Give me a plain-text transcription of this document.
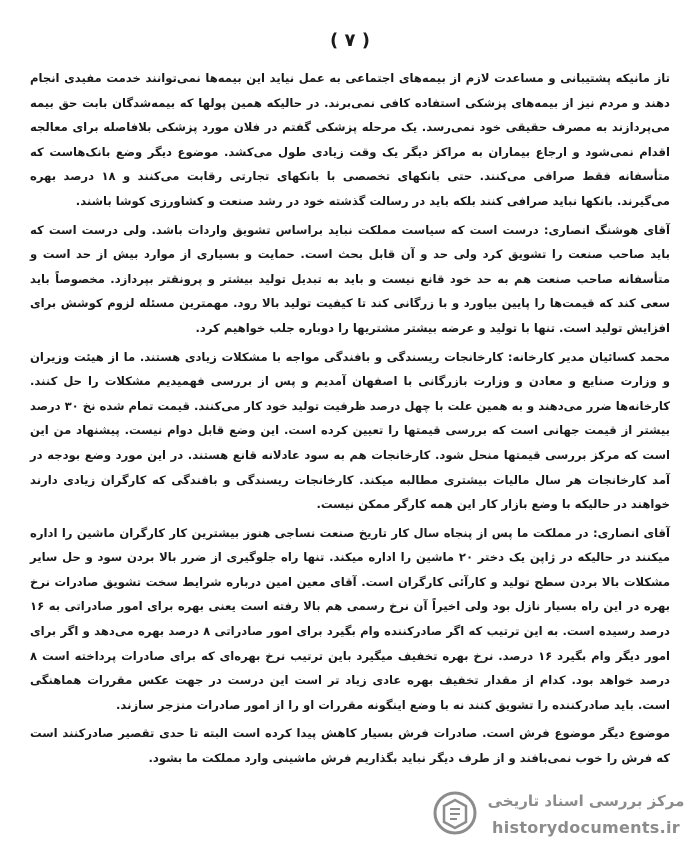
( ۷ )

تاز مانیکه پشتیبانی و مساعدت لازم از بیمه‌های اجتماعی به عمل نیاید این بیمه‌ها نمی‌توانند خدمت مفیدی انجام دهند و مردم نیز از بیمه‌های پزشکی استفاده کافی نمی‌برند. در حالیکه همین پولها که بیمه‌شدگان بابت حق بیمه می‌پردازند به مصرف حقیقی خود نمی‌رسد. یک مرحله پزشکی گفتم در فلان مورد پزشکی بلافاصله برای معالجه اقدام نمی‌شود و ارجاع بیماران به مراکز دیگر یک وقت زیادی طول می‌کشد. موضوع دیگر وضع بانک‌هاست که متأسفانه فقط صرافی می‌کنند. حتی بانکهای تخصصی با بانکهای تجارتی رقابت می‌کنند و ۱۸ درصد بهره می‌گیرند. بانکها نباید صرافی کنند بلکه باید در رسالت گذشته خود در رشد صنعت و کشاورزی کوشا باشند.

آقای هوشنگ انصاری: درست است که سیاست مملکت نباید براساس تشویق واردات باشد. ولی درست است که باید صاحب صنعت را تشویق کرد ولی حد و آن قابل بحث است. حمایت و بسیاری از موارد بیش از حد است و متأسفانه صاحب صنعت هم به حد خود قانع نیست و باید به تبدیل تولید بیشتر و پرونقتر بپردازد. مخصوصاً باید سعی کند که قیمت‌ها را پایین بیاورد و با زرگانی کند تا کیفیت تولید بالا رود. مهمترین مسئله لزوم کوشش برای افزایش تولید است. تنها با تولید و عرضه بیشتر مشتریها را دوباره جلب خواهیم کرد.

محمد کسائیان مدیر کارخانه: کارخانجات ریسندگی و بافندگی مواجه با مشکلات زیادی هستند. ما از هیئت وزیران و وزارت صنایع و معادن و وزارت بازرگانی با اصفهان آمدیم و پس از بررسی فهمیدیم مشکلات را حل کنند. کارخانه‌ها ضرر می‌دهند و به همین علت با چهل درصد ظرفیت تولید خود کار می‌کنند. قیمت تمام شده نخ ۳۰ درصد بیشتر از قیمت جهانی است که بررسی قیمتها را تعیین کرده است. این وضع قابل دوام نیست. پیشنهاد من این است که مرکز بررسی قیمتها منحل شود. کارخانجات هم به سود عادلانه قانع هستند. در این مورد وضع بودجه در آمد کارخانجات هر سال مالیات بیشتری مطالبه میکند. کارخانجات ریسندگی و بافندگی که کارگران زیادی دارند خواهند در حالیکه با وضع بازار کار این همه کارگر ممکن نیست.

آقای انصاری: در مملکت ما پس از پنجاه سال کار تاریخ صنعت نساجی هنوز بیشترین کار کارگران ماشین را اداره میکنند در حالیکه در ژاپن یک دختر ۲۰ ماشین را اداره میکند. تنها راه جلوگیری از ضرر بالا بردن سود و حل سایر مشکلات بالا بردن سطح تولید و کارآئی کارگران است. آقای معین امین درباره شرایط سخت تشویق صادرات نرخ بهره در این راه بسیار نازل بود ولی اخیراً آن نرخ رسمی هم بالا رفته است یعنی بهره برای امور صادراتی به ۱۶ درصد رسیده است. به این ترتیب که اگر صادرکننده وام بگیرد برای امور صادراتی ۸ درصد بهره می‌دهد و اگر برای امور دیگر وام بگیرد ۱۶ درصد. نرخ بهره تخفیف میگیرد باین ترتیب نرخ بهره‌ای که برای صادرات پرداخته است ۸ درصد خواهد بود. کدام از مقدار تخفیف بهره عادی زیاد تر است این درست در جهت عکس مقررات هماهنگی است. باید صادرکننده را تشویق کنند نه با وضع اینگونه مقررات او را از امور صادرات منزجر سازند.

موضوع دیگر موضوع فرش است. صادرات فرش بسیار کاهش پیدا کرده است البته تا حدی تقصیر صادرکنند است که فرش را خوب نمی‌بافند و از طرف دیگر نباید بگذاریم فرش ماشینی وارد مملکت ما بشود.

مرکز بررسی اسناد تاریخی
historydocuments.ir
